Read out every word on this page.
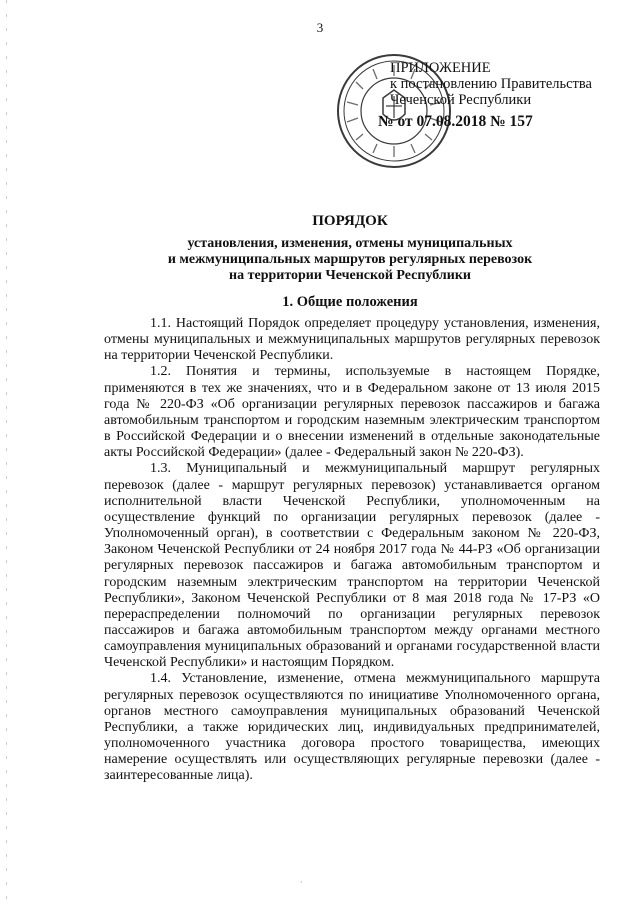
3
ПРИЛОЖЕНИЕ
к постановлению Правительства
Чеченской Республики
№ от 07.08.2018 № 157
ПОРЯДОК
установления, изменения, отмены муниципальных
и межмуниципальных маршрутов регулярных перевозок
на территории Чеченской Республики
1. Общие положения

1.1. Настоящий Порядок определяет процедуру установления, изменения, отмены муниципальных и межмуниципальных маршрутов регулярных перевозок на территории Чеченской Республики.

1.2. Понятия и термины, используемые в настоящем Порядке, применяются в тех же значениях, что и в Федеральном законе от 13 июля 2015 года № 220-ФЗ «Об организации регулярных перевозок пассажиров и багажа автомобильным транспортом и городским наземным электрическим транспортом в Российской Федерации и о внесении изменений в отдельные законодательные акты Российской Федерации» (далее - Федеральный закон № 220-ФЗ).

1.3. Муниципальный и межмуниципальный маршрут регулярных перевозок (далее - маршрут регулярных перевозок) устанавливается органом исполнительной власти Чеченской Республики, уполномоченным на осуществление функций по организации регулярных перевозок (далее - Уполномоченный орган), в соответствии с Федеральным законом № 220-ФЗ, Законом Чеченской Республики от 24 ноября 2017 года № 44-РЗ «Об организации регулярных перевозок пассажиров и багажа автомобильным транспортом и городским наземным электрическим транспортом на территории Чеченской Республики», Законом Чеченской Республики от 8 мая 2018 года № 17-РЗ «О перераспределении полномочий по организации регулярных перевозок пассажиров и багажа автомобильным транспортом между органами местного самоуправления муниципальных образований и органами государственной власти Чеченской Республики» и настоящим Порядком.

1.4. Установление, изменение, отмена межмуниципального маршрута регулярных перевозок осуществляются по инициативе Уполномоченного органа, органов местного самоуправления муниципальных образований Чеченской Республики, а также юридических лиц, индивидуальных предпринимателей, уполномоченного участника договора простого товарищества, имеющих намерение осуществлять или осуществляющих регулярные перевозки (далее - заинтересованные лица).

·
